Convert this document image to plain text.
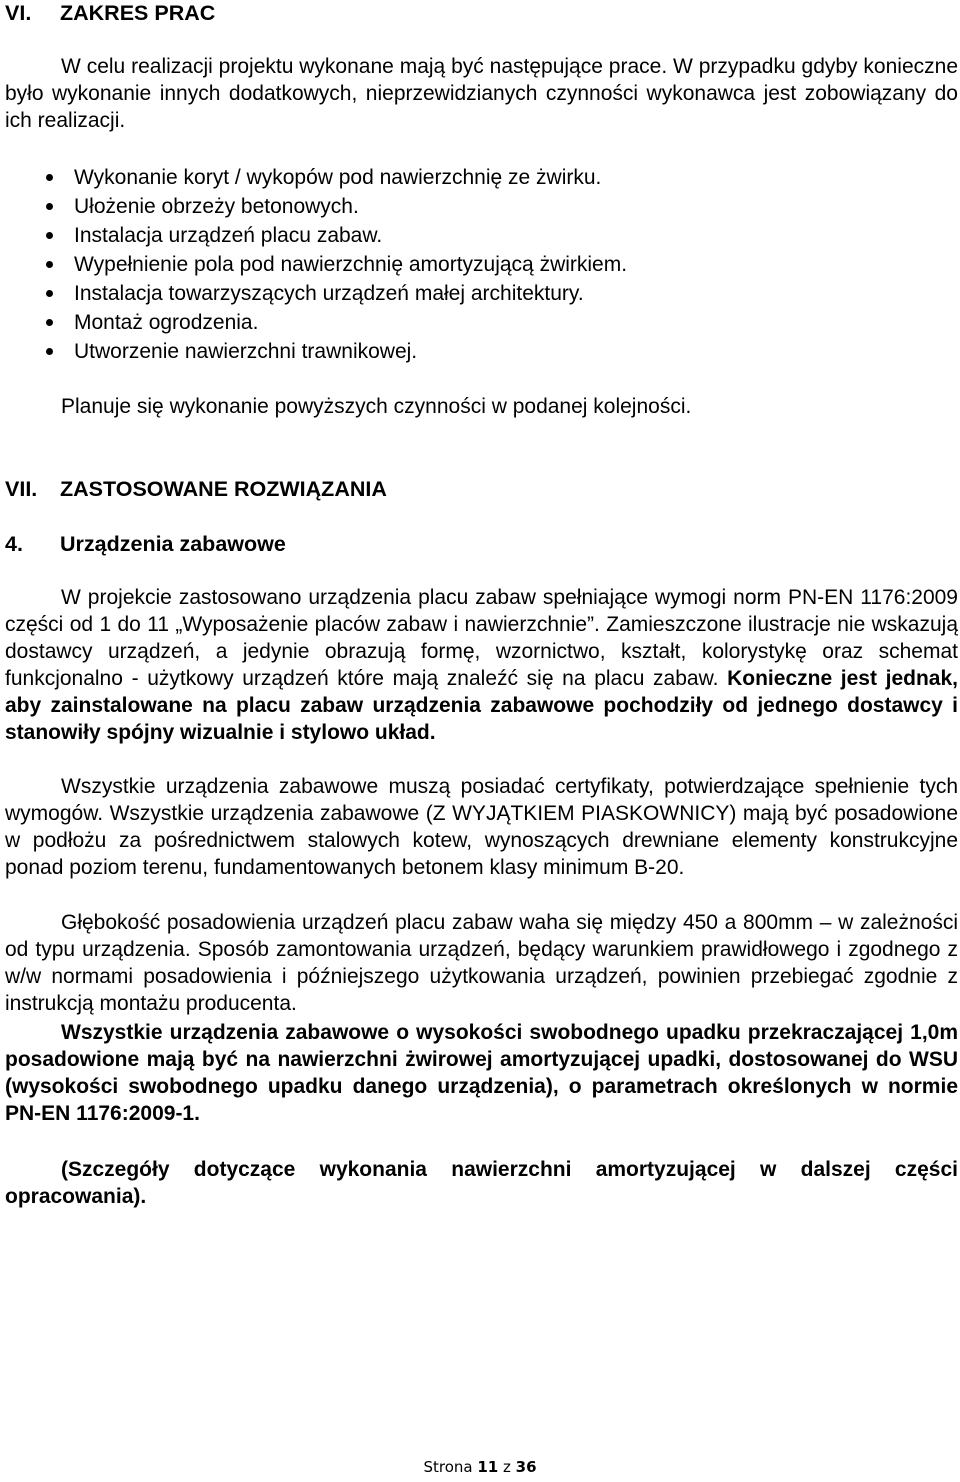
VI. ZAKRES PRAC
W celu realizacji projektu wykonane mają być następujące prace. W przypadku gdyby konieczne było wykonanie innych dodatkowych, nieprzewidzianych czynności wykonawca jest zobowiązany do ich realizacji.
Wykonanie koryt / wykopów pod nawierzchnię ze żwirku.
Ułożenie obrzeży betonowych.
Instalacja urządzeń placu zabaw.
Wypełnienie pola pod nawierzchnię amortyzującą żwirkiem.
Instalacja towarzyszących urządzeń małej architektury.
Montaż ogrodzenia.
Utworzenie nawierzchni trawnikowej.
Planuje się wykonanie powyższych czynności w podanej kolejności.
VII. ZASTOSOWANE ROZWIĄZANIA
4. Urządzenia zabawowe
W projekcie zastosowano urządzenia placu zabaw spełniające wymogi norm PN-EN 1176:2009 części od 1 do 11 „Wyposażenie placów zabaw i nawierzchnie”. Zamieszczone ilustracje nie wskazują dostawcy urządzeń, a jedynie obrazują formę, wzornictwo, kształt, kolorystykę oraz schemat funkcjonalno - użytkowy urządzeń które mają znaleźć się na placu zabaw. Konieczne jest jednak, aby zainstalowane na placu zabaw urządzenia zabawowe pochodziły od jednego dostawcy i stanowiły spójny wizualnie i stylowo układ.
Wszystkie urządzenia zabawowe muszą posiadać certyfikaty, potwierdzające spełnienie tych wymogów. Wszystkie urządzenia zabawowe (Z WYJĄTKIEM PIASKOWNICY) mają być posadowione w podłożu za pośrednictwem stalowych kotew, wynoszących drewniane elementy konstrukcyjne ponad poziom terenu, fundamentowanych betonem klasy minimum B-20.
Głębokość posadowienia urządzeń placu zabaw waha się między 450 a 800mm – w zależności od typu urządzenia. Sposób zamontowania urządzeń, będący warunkiem prawidłowego i zgodnego z w/w normami posadowienia i późniejszego użytkowania urządzeń, powinien przebiegać zgodnie z instrukcją montażu producenta.
Wszystkie urządzenia zabawowe o wysokości swobodnego upadku przekraczającej 1,0m posadowione mają być na nawierzchni żwirowej amortyzującej upadki, dostosowanej do WSU (wysokości swobodnego upadku danego urządzenia), o parametrach określonych w normie PN-EN 1176:2009-1.
(Szczegóły dotyczące wykonania nawierzchni amortyzującej w dalszej części opracowania).
Strona 11 z 36
